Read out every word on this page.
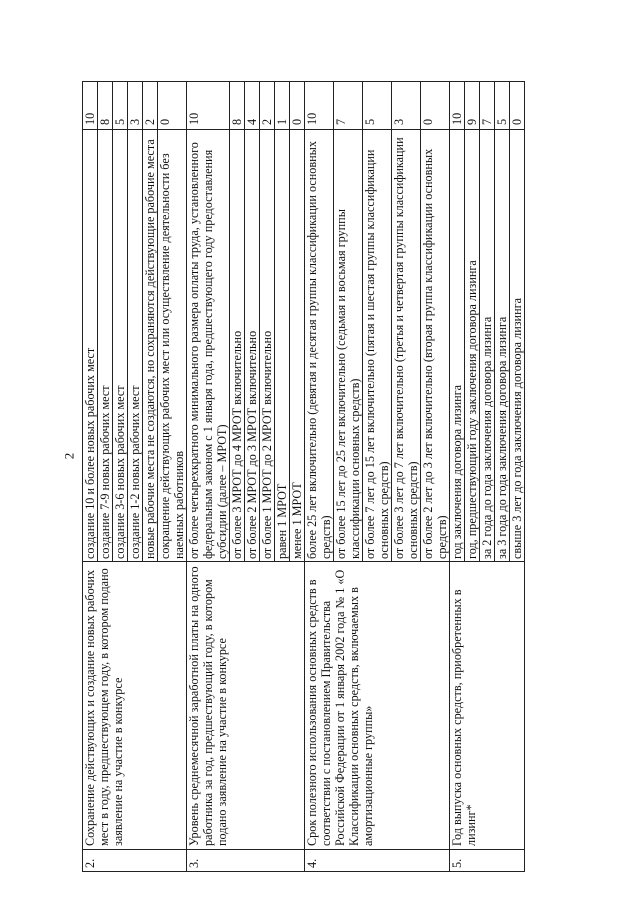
2
2.	Сохранение действующих и создание новых рабочих мест в году, предшествующем году, в котором подано заявление на участие в конкурсе	создание 10 и более новых рабочих мест	10
		создание 7-9 новых рабочих мест	8
		создание 3-6 новых рабочих мест	5
		создание 1-2 новых рабочих мест	3
		новые рабочие места не создаются, но сохраняются действующие рабочие места	2
		сокращение действующих рабочих мест или осуществление деятельности без наемных работников	0
3.	Уровень среднемесячной заработной платы на одного работника за год, предшествующий году, в котором подано заявление на участие в конкурсе	от более четырехкратного минимального размера оплаты труда, установленного федеральным законом с 1 января года, предшествующего году предоставления субсидии (далее – МРОТ)	10
		от более 3 МРОТ до 4 МРОТ включительно	8
		от более 2 МРОТ до 3 МРОТ включительно	4
		от более 1 МРОТ до 2 МРОТ включительно	2
		равен 1 МРОТ	1
		менее 1 МРОТ	0
4.	Срок полезного использования основных средств в соответствии с постановлением Правительства Российской Федерации от 1 января 2002 года № 1 «О Классификации основных средств, включаемых в амортизационные группы»	более 25 лет включительно (девятая и десятая группы классификации основных средств)	10
		от более 15 лет до 25 лет включительно (седьмая и восьмая группы классификации основных средств)	7
		от более 7 лет до 15 лет включительно (пятая и шестая группы классификации основных средств)	5
		от более 3 лет до 7 лет включительно (третья и четвертая группы классификации основных средств)	3
		от более 2 лет до 3 лет включительно (вторая группа классификации основных средств)	0
5.	Год выпуска основных средств, приобретенных в лизинг*	год заключения договора лизинга	10
		год, предшествующий году заключения договора лизинга	9
		за 2 года до года заключения договора лизинга	7
		за 3 года до года заключения договора лизинга	5
		свыше 3 лет до года заключения договора лизинга	0
